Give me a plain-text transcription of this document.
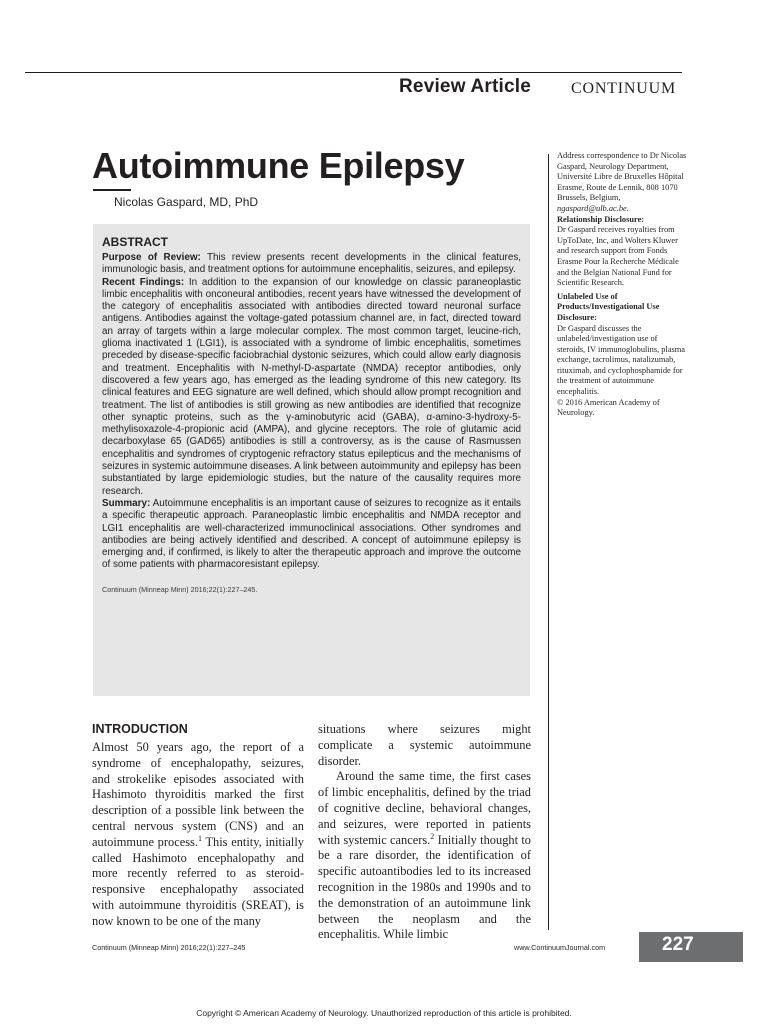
Review Article	CONTINUUM
Autoimmune Epilepsy
Nicolas Gaspard, MD, PhD
ABSTRACT

Purpose of Review: This review presents recent developments in the clinical features, immunologic basis, and treatment options for autoimmune encephalitis, seizures, and epilepsy.

Recent Findings: In addition to the expansion of our knowledge on classic paraneoplastic limbic encephalitis with onconeural antibodies, recent years have witnessed the development of the category of encephalitis associated with antibodies directed toward neuronal surface antigens. Antibodies against the voltage-gated potassium channel are, in fact, directed toward an array of targets within a large molecular complex. The most common target, leucine-rich, glioma inactivated 1 (LGI1), is associated with a syndrome of limbic encephalitis, sometimes preceded by disease-specific faciobrachial dystonic seizures, which could allow early diagnosis and treatment. Encephalitis with N-methyl-D-aspartate (NMDA) receptor antibodies, only discovered a few years ago, has emerged as the leading syndrome of this new category. Its clinical features and EEG signature are well defined, which should allow prompt recognition and treatment. The list of antibodies is still growing as new antibodies are identified that recognize other synaptic proteins, such as the γ-aminobutyric acid (GABA), α-amino-3-hydroxy-5-methylisoxazole-4-propionic acid (AMPA), and glycine receptors. The role of glutamic acid decarboxylase 65 (GAD65) antibodies is still a controversy, as is the cause of Rasmussen encephalitis and syndromes of cryptogenic refractory status epilepticus and the mechanisms of seizures in systemic autoimmune diseases. A link between autoimmunity and epilepsy has been substantiated by large epidemiologic studies, but the nature of the causality requires more research.

Summary: Autoimmune encephalitis is an important cause of seizures to recognize as it entails a specific therapeutic approach. Paraneoplastic limbic encephalitis and NMDA receptor and LGI1 encephalitis are well-characterized immunoclinical associations. Other syndromes and antibodies are being actively identified and described. A concept of autoimmune epilepsy is emerging and, if confirmed, is likely to alter the therapeutic approach and improve the outcome of some patients with pharmacoresistant epilepsy.

Continuum (Minneap Minn) 2016;22(1):227–245.
Address correspondence to Dr Nicolas Gaspard, Neurology Department, Université Libre de Bruxelles Hôpital Erasme, Route de Lennik, 808 1070 Brussels, Belgium, ngaspard@ulb.ac.be.
Relationship Disclosure:
Dr Gaspard receives royalties from UpToDate, Inc, and Wolters Kluwer and research support from Fonds Erasme Pour la Recherche Médicale and the Belgian National Fund for Scientific Research.
Unlabeled Use of Products/Investigational Use Disclosure:
Dr Gaspard discusses the unlabeled/investigation use of steroids, IV immunoglobulins, plasma exchange, tacrolimus, natalizumab, rituximab, and cyclophosphamide for the treatment of autoimmune encephalitis.
© 2016 American Academy of Neurology.
INTRODUCTION

Almost 50 years ago, the report of a syndrome of encephalopathy, seizures, and strokelike episodes associated with Hashimoto thyroiditis marked the first description of a possible link between the central nervous system (CNS) and an autoimmune process.$^1$ This entity, initially called Hashimoto encephalopathy and more recently referred to as steroid-responsive encephalopathy associated with autoimmune thyroiditis (SREAT), is now known to be one of the many

situations where seizures might complicate a systemic autoimmune disorder.

Around the same time, the first cases of limbic encephalitis, defined by the triad of cognitive decline, behavioral changes, and seizures, were reported in patients with systemic cancers.$^2$ Initially thought to be a rare disorder, the identification of specific autoantibodies led to its increased recognition in the 1980s and 1990s and to the demonstration of an autoimmune link between the neoplasm and the encephalitis. While limbic

Continuum (Minneap Minn) 2016;22(1):227–245	www.ContinuumJournal.com	227
Copyright © American Academy of Neurology. Unauthorized reproduction of this article is prohibited.
